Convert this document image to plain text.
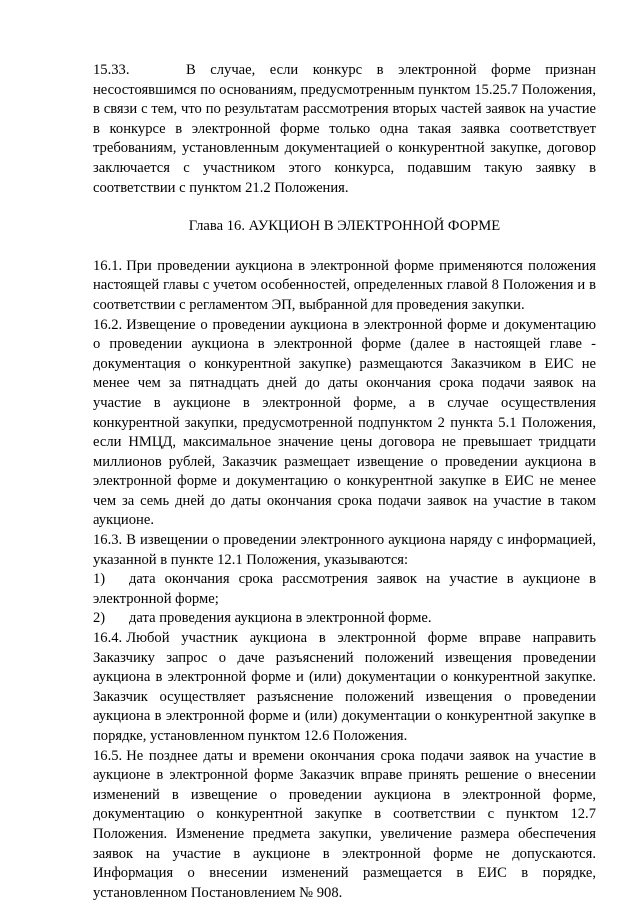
15.33.	В случае, если конкурс в электронной форме признан несостоявшимся по основаниям, предусмотренным пунктом 15.25.7 Положения, в связи с тем, что по результатам рассмотрения вторых частей заявок на участие в конкурсе в электронной форме только одна такая заявка соответствует требованиям, установленным документацией о конкурентной закупке, договор заключается с участником этого конкурса, подавшим такую заявку в соответствии с пунктом 21.2 Положения.

Глава 16. АУКЦИОН В ЭЛЕКТРОННОЙ ФОРМЕ

16.1. При проведении аукциона в электронной форме применяются положения настоящей главы с учетом особенностей, определенных главой 8 Положения и в соответствии с регламентом ЭП, выбранной для проведения закупки.

16.2. Извещение о проведении аукциона в электронной форме и документацию о проведении аукциона в электронной форме (далее в настоящей главе - документация о конкурентной закупке) размещаются Заказчиком в ЕИС не менее чем за пятнадцать дней до даты окончания срока подачи заявок на участие в аукционе в электронной форме, а в случае осуществления конкурентной закупки, предусмотренной подпунктом 2 пункта 5.1 Положения, если НМЦД, максимальное значение цены договора не превышает тридцати миллионов рублей, Заказчик размещает извещение о проведении аукциона в электронной форме и документацию о конкурентной закупке в ЕИС не менее чем за семь дней до даты окончания срока подачи заявок на участие в таком аукционе.

16.3. В извещении о проведении электронного аукциона наряду с информацией, указанной в пункте 12.1 Положения, указываются:

1) дата окончания срока рассмотрения заявок на участие в аукционе в электронной форме;

2) дата проведения аукциона в электронной форме.

16.4. Любой участник аукциона в электронной форме вправе направить Заказчику запрос о даче разъяснений положений извещения проведении аукциона в электронной форме и (или) документации о конкурентной закупке. Заказчик осуществляет разъяснение положений извещения о проведении аукциона в электронной форме и (или) документации о конкурентной закупке в порядке, установленном пунктом 12.6 Положения.

16.5. Не позднее даты и времени окончания срока подачи заявок на участие в аукционе в электронной форме Заказчик вправе принять решение о внесении изменений в извещение о проведении аукциона в электронной форме, документацию о конкурентной закупке в соответствии с пунктом 12.7 Положения. Изменение предмета закупки, увеличение размера обеспечения заявок на участие в аукционе в электронной форме не допускаются. Информация о внесении изменений размещается в ЕИС в порядке, установленном Постановлением № 908.
